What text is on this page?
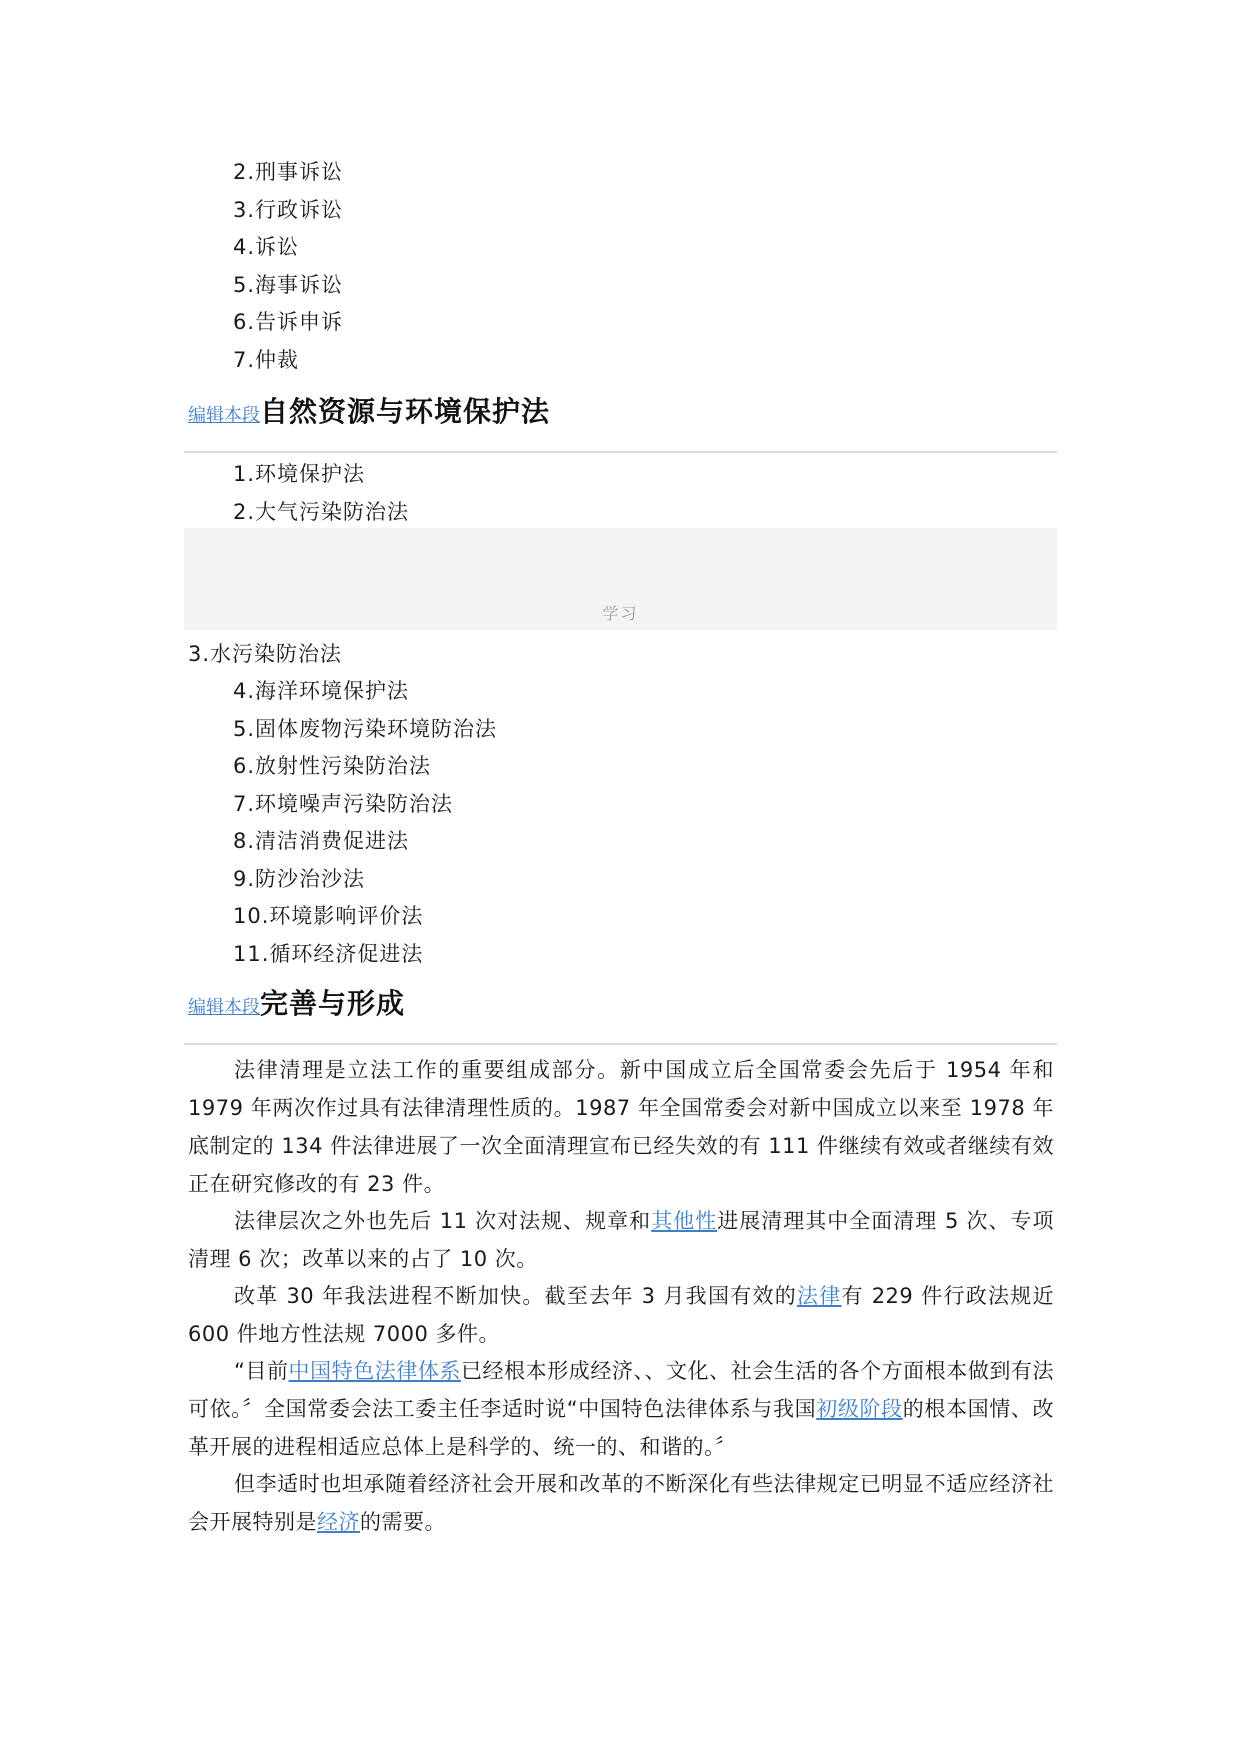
2.刑事诉讼
3.行政诉讼
4.诉讼
5.海事诉讼
6.告诉申诉
7.仲裁
编辑本段自然资源与环境保护法
1.环境保护法
2.大气污染防治法
学习
3.水污染防治法
4.海洋环境保护法
5.固体废物污染环境防治法
6.放射性污染防治法
7.环境噪声污染防治法
8.清洁消费促进法
9.防沙治沙法
10.环境影响评价法
11.循环经济促进法
编辑本段完善与形成

法律清理是立法工作的重要组成部分。新中国成立后全国常委会先后于 1954 年和 1979 年两次作过具有法律清理性质的。1987 年全国常委会对新中国成立以来至 1978 年底制定的 134 件法律进展了一次全面清理宣布已经失效的有 111 件继续有效或者继续有效正在研究修改的有 23 件。

法律层次之外也先后 11 次对法规、规章和其他性进展清理其中全面清理 5 次、专项清理 6 次；改革以来的占了 10 次。

改革 30 年我法进程不断加快。截至去年 3 月我国有效的法律有 229 件行政法规近 600 件地方性法规 7000 多件。

“目前中国特色法律体系已经根本形成经济、、文化、社会生活的各个方面根本做到有法可依。〞全国常委会法工委主任李适时说“中国特色法律体系与我国初级阶段的根本国情、改革开展的进程相适应总体上是科学的、统一的、和谐的。〞

但李适时也坦承随着经济社会开展和改革的不断深化有些法律规定已明显不适应经济社会开展特别是经济的需要。
